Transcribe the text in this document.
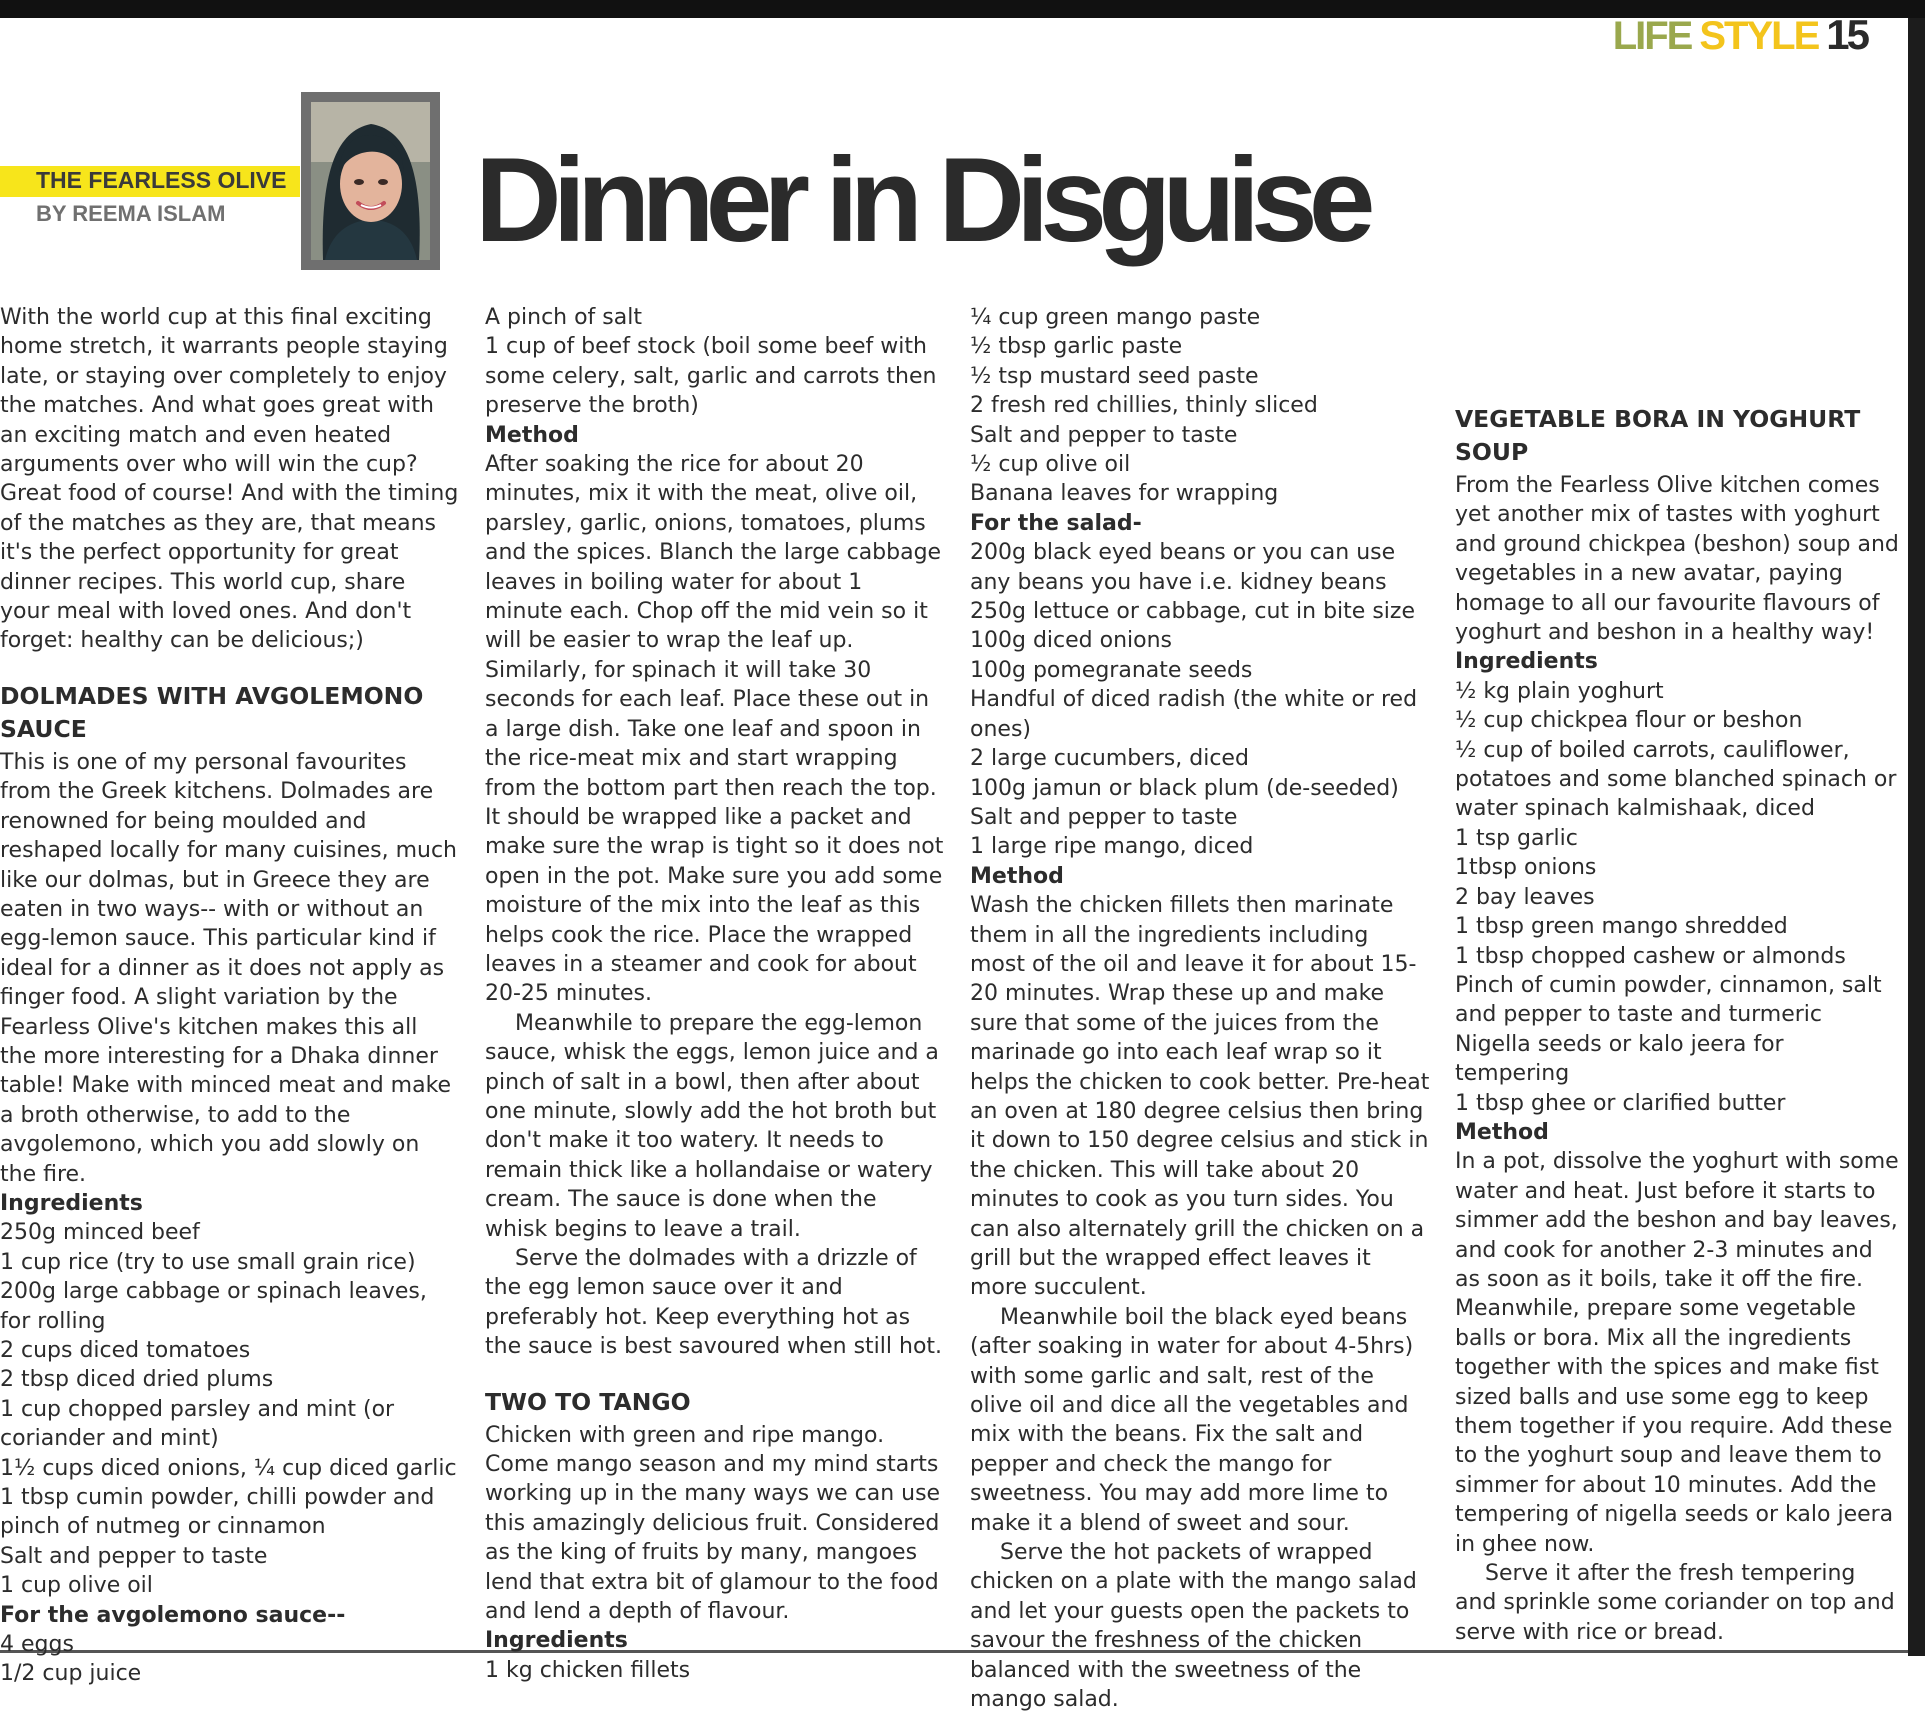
LIFE STYLE 15
THE FEARLESS OLIVE
BY REEMA ISLAM Dinner in Disguise

With the world cup at this final exciting home stretch, it warrants people staying late, or staying over completely to enjoy the matches. And what goes great with an exciting match and even heated arguments over who will win the cup? Great food of course! And with the timing of the matches as they are, that means it's the perfect opportunity for great dinner recipes. This world cup, share your meal with loved ones. And don't forget: healthy can be delicious;)

DOLMADES WITH AVGOLEMONO SAUCE

This is one of my personal favourites from the Greek kitchens. Dolmades are renowned for being moulded and reshaped locally for many cuisines, much like our dolmas, but in Greece they are eaten in two ways-- with or without an egg-lemon sauce. This particular kind if ideal for a dinner as it does not apply as finger food. A slight variation by the Fearless Olive's kitchen makes this all the more interesting for a Dhaka dinner table! Make with minced meat and make a broth otherwise, to add to the avgolemono, which you add slowly on the fire.

Ingredients
250g minced beef
1 cup rice (try to use small grain rice)
200g large cabbage or spinach leaves, for rolling
2 cups diced tomatoes
2 tbsp diced dried plums
1 cup chopped parsley and mint (or coriander and mint)
1½ cups diced onions, ¼ cup diced garlic
1 tbsp cumin powder, chilli powder and pinch of nutmeg or cinnamon
Salt and pepper to taste
1 cup olive oil
For the avgolemono sauce--
4 eggs
1/2 cup juice
A pinch of salt
1 cup of beef stock (boil some beef with some celery, salt, garlic and carrots then preserve the broth)
Method

After soaking the rice for about 20 minutes, mix it with the meat, olive oil, parsley, garlic, onions, tomatoes, plums and the spices. Blanch the large cabbage leaves in boiling water for about 1 minute each. Chop off the mid vein so it will be easier to wrap the leaf up. Similarly, for spinach it will take 30 seconds for each leaf. Place these out in a large dish. Take one leaf and spoon in the rice-meat mix and start wrapping from the bottom part then reach the top. It should be wrapped like a packet and make sure the wrap is tight so it does not open in the pot. Make sure you add some moisture of the mix into the leaf as this helps cook the rice. Place the wrapped leaves in a steamer and cook for about 20-25 minutes.

Meanwhile to prepare the egg-lemon sauce, whisk the eggs, lemon juice and a pinch of salt in a bowl, then after about one minute, slowly add the hot broth but don't make it too watery. It needs to remain thick like a hollandaise or watery cream. The sauce is done when the whisk begins to leave a trail.

Serve the dolmades with a drizzle of the egg lemon sauce over it and preferably hot. Keep everything hot as the sauce is best savoured when still hot.

TWO TO TANGO

Chicken with green and ripe mango. Come mango season and my mind starts working up in the many ways we can use this amazingly delicious fruit. Considered as the king of fruits by many, mangoes lend that extra bit of glamour to the food and lend a depth of flavour.

Ingredients
1 kg chicken fillets
¼ cup green mango paste
½ tbsp garlic paste
½ tsp mustard seed paste
2 fresh red chillies, thinly sliced
Salt and pepper to taste
½ cup olive oil
Banana leaves for wrapping
For the salad-
200g black eyed beans or you can use any beans you have i.e. kidney beans
250g lettuce or cabbage, cut in bite size
100g diced onions
100g pomegranate seeds
Handful of diced radish (the white or red ones)
2 large cucumbers, diced
100g jamun or black plum (de-seeded)
Salt and pepper to taste
1 large ripe mango, diced
Method

Wash the chicken fillets then marinate them in all the ingredients including most of the oil and leave it for about 15-20 minutes. Wrap these up and make sure that some of the juices from the marinade go into each leaf wrap so it helps the chicken to cook better. Pre-heat an oven at 180 degree celsius then bring it down to 150 degree celsius and stick in the chicken. This will take about 20 minutes to cook as you turn sides. You can also alternately grill the chicken on a grill but the wrapped effect leaves it more succulent.

Meanwhile boil the black eyed beans (after soaking in water for about 4-5hrs) with some garlic and salt, rest of the olive oil and dice all the vegetables and mix with the beans. Fix the salt and pepper and check the mango for sweetness. You may add more lime to make it a blend of sweet and sour.

Serve the hot packets of wrapped chicken on a plate with the mango salad and let your guests open the packets to savour the freshness of the chicken balanced with the sweetness of the mango salad.

VEGETABLE BORA IN YOGHURT SOUP

From the Fearless Olive kitchen comes yet another mix of tastes with yoghurt and ground chickpea (beshon) soup and vegetables in a new avatar, paying homage to all our favourite flavours of yoghurt and beshon in a healthy way!

Ingredients
½ kg plain yoghurt
½ cup chickpea flour or beshon
½ cup of boiled carrots, cauliflower, potatoes and some blanched spinach or water spinach kalmishaak, diced
1 tsp garlic
1tbsp onions
2 bay leaves
1 tbsp green mango shredded
1 tbsp chopped cashew or almonds
Pinch of cumin powder, cinnamon, salt and pepper to taste and turmeric
Nigella seeds or kalo jeera for tempering
1 tbsp ghee or clarified butter
Method

In a pot, dissolve the yoghurt with some water and heat. Just before it starts to simmer add the beshon and bay leaves, and cook for another 2-3 minutes and as soon as it boils, take it off the fire. Meanwhile, prepare some vegetable balls or bora. Mix all the ingredients together with the spices and make fist sized balls and use some egg to keep them together if you require. Add these to the yoghurt soup and leave them to simmer for about 10 minutes. Add the tempering of nigella seeds or kalo jeera in ghee now.

Serve it after the fresh tempering and sprinkle some coriander on top and serve with rice or bread.
